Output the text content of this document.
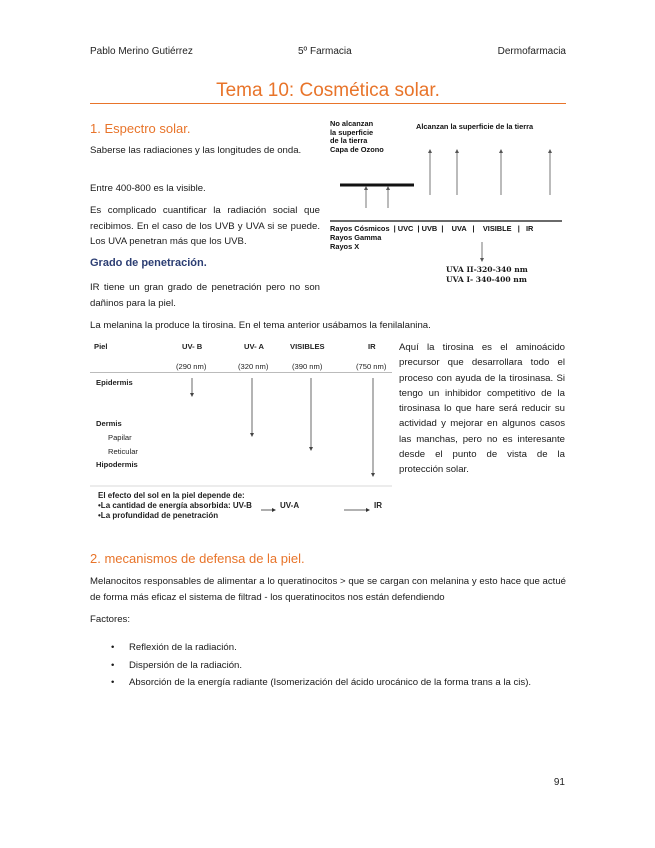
Pablo Merino Gutiérrez	5º Farmacia	Dermofarmacia
Tema 10: Cosmética solar.
1. Espectro solar.
Saberse las radiaciones y las longitudes de onda.
Entre 400-800 es la visible.
Es complicado cuantificar la radiación social que recibimos. En el caso de los UVB y UVA si se puede. Los UVA penetran más que los UVB.
Grado de penetración.
IR tiene un gran grado de penetración pero no son dañinos para la piel.
La melanina la produce la tirosina. En el tema anterior usábamos la fenilalanina.
No alcanzan
la superficie
de la tierra
Capa de Ozono
Alcanzan la superficie de la tierra
Rayos Cósmicos  | UVC  | UVB  |    UVA   |    VISIBLE   |   IR
Rayos Gamma
Rayos X
UVA II-320-340 nm
UVA I- 340-400 nm
Piel	UV- B	UV- A	VISIBLES	IR
(290 nm)	(320 nm)	(390 nm)	(750 nm)
Epidermis
Dermis
Papilar
Reticular
Hipodermis
El efecto del sol en la piel depende de:
•La cantidad de energía absorbida: UV-B	UV-A	IR
•La profundidad de penetración
Aquí la tirosina es el aminoácido precursor que desarrollara todo el proceso con ayuda de la tirosinasa. Si tengo un inhibidor competitivo de la tirosinasa lo que hare será reducir su actividad y mejorar en algunos casos las manchas, pero no es interesante desde el punto de vista de la protección solar.
2. mecanismos de defensa de la piel.
Melanocitos responsables de alimentar a lo queratinocitos > que se cargan con melanina y esto hace que actué de forma más eficaz el sistema de filtrad - los queratinocitos nos están defendiendo
Factores:
• Reflexión de la radiación.
• Dispersión de la radiación.
• Absorción de la energía radiante (Isomerización del ácido urocánico de la forma trans a la cis).
91
